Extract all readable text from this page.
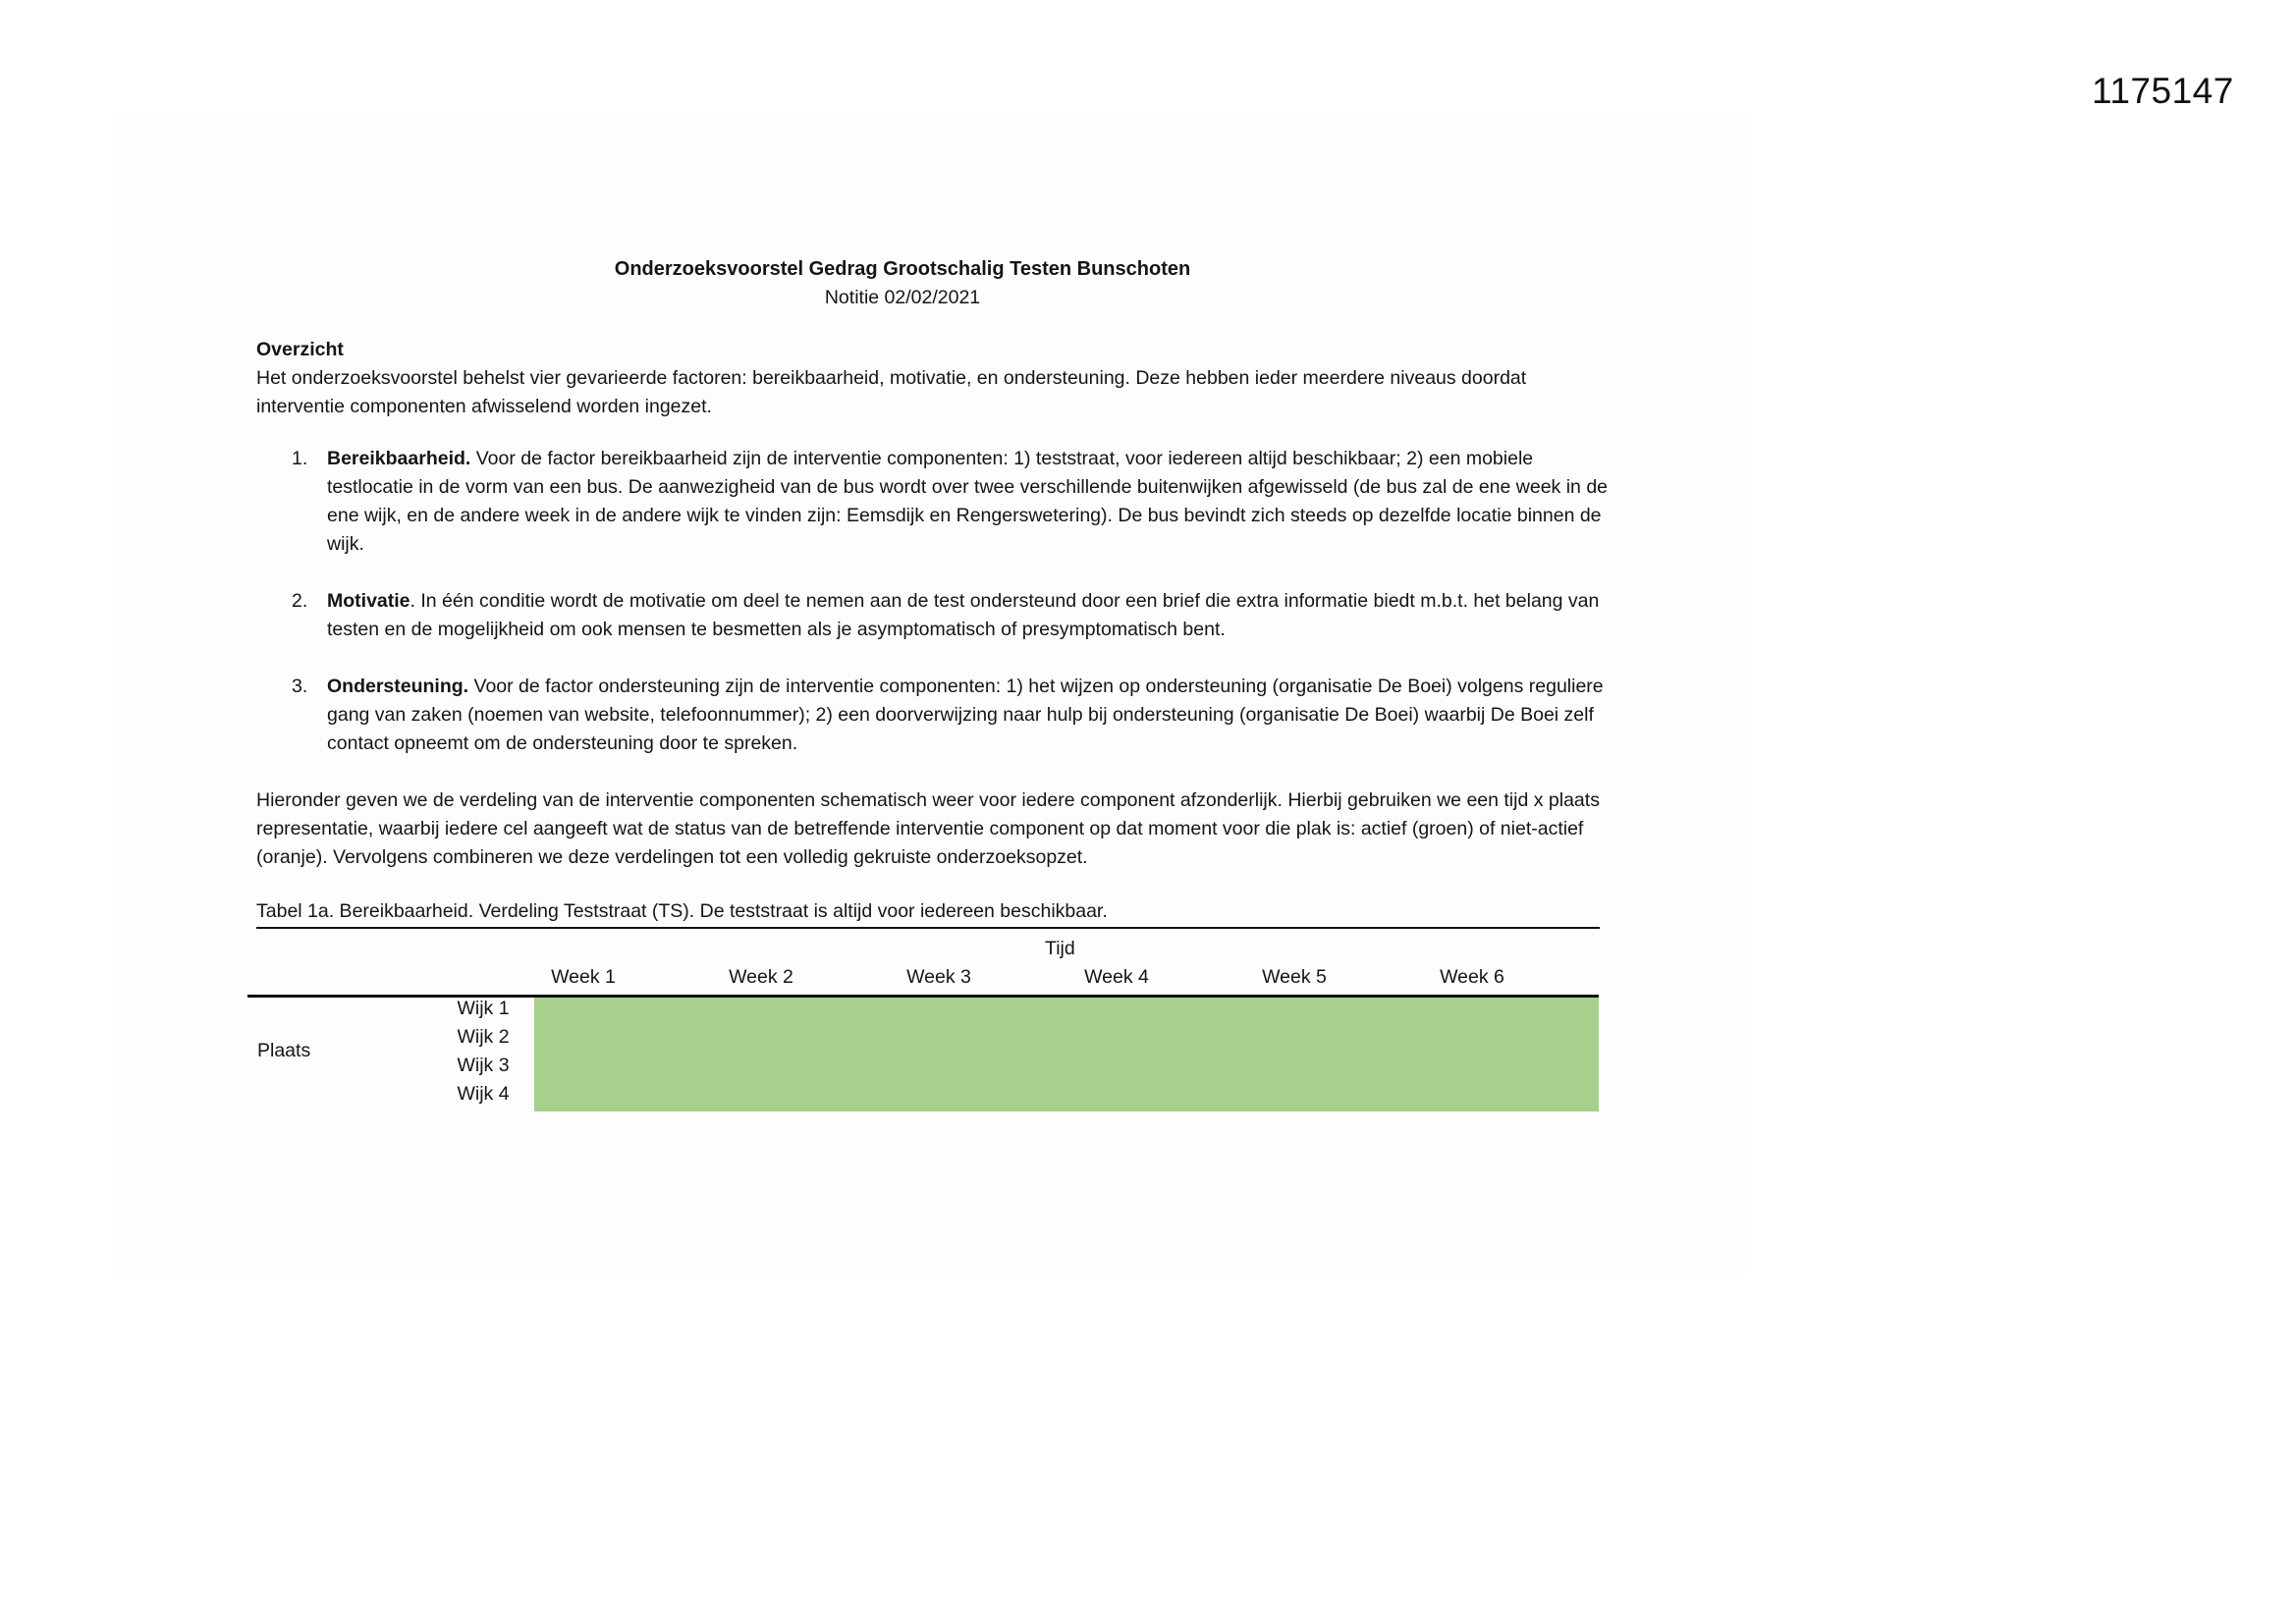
1175147
Onderzoeksvoorstel Gedrag Grootschalig Testen Bunschoten
Notitie 02/02/2021
Overzicht

Het onderzoeksvoorstel behelst vier gevarieerde factoren: bereikbaarheid, motivatie, en ondersteuning. Deze hebben ieder meerdere niveaus doordat interventie componenten afwisselend worden ingezet.

1. Bereikbaarheid. Voor de factor bereikbaarheid zijn de interventie componenten: 1) teststraat, voor iedereen altijd beschikbaar; 2) een mobiele testlocatie in de vorm van een bus. De aanwezigheid van de bus wordt over twee verschillende buitenwijken afgewisseld (de bus zal de ene week in de ene wijk, en de andere week in de andere wijk te vinden zijn: Eemsdijk en Rengerswetering). De bus bevindt zich steeds op dezelfde locatie binnen de wijk.
2. Motivatie. In één conditie wordt de motivatie om deel te nemen aan de test ondersteund door een brief die extra informatie biedt m.b.t. het belang van testen en de mogelijkheid om ook mensen te besmetten als je asymptomatisch of presymptomatisch bent.
3. Ondersteuning. Voor de factor ondersteuning zijn de interventie componenten: 1) het wijzen op ondersteuning (organisatie De Boei) volgens reguliere gang van zaken (noemen van website, telefoonnummer); 2) een doorverwijzing naar hulp bij ondersteuning (organisatie De Boei) waarbij De Boei zelf contact opneemt om de ondersteuning door te spreken.

Hieronder geven we de verdeling van de interventie componenten schematisch weer voor iedere component afzonderlijk. Hierbij gebruiken we een tijd x plaats representatie, waarbij iedere cel aangeeft wat de status van de betreffende interventie component op dat moment voor die plak is: actief (groen) of niet-actief (oranje). Vervolgens combineren we deze verdelingen tot een volledig gekruiste onderzoeksopzet.

Tabel 1a. Bereikbaarheid. Verdeling Teststraat (TS). De teststraat is altijd voor iedereen beschikbaar.
Tijd
Week 1	Week 2	Week 3	Week 4	Week 5	Week 6
Plaats
Wijk 1
Wijk 2
Wijk 3
Wijk 4
